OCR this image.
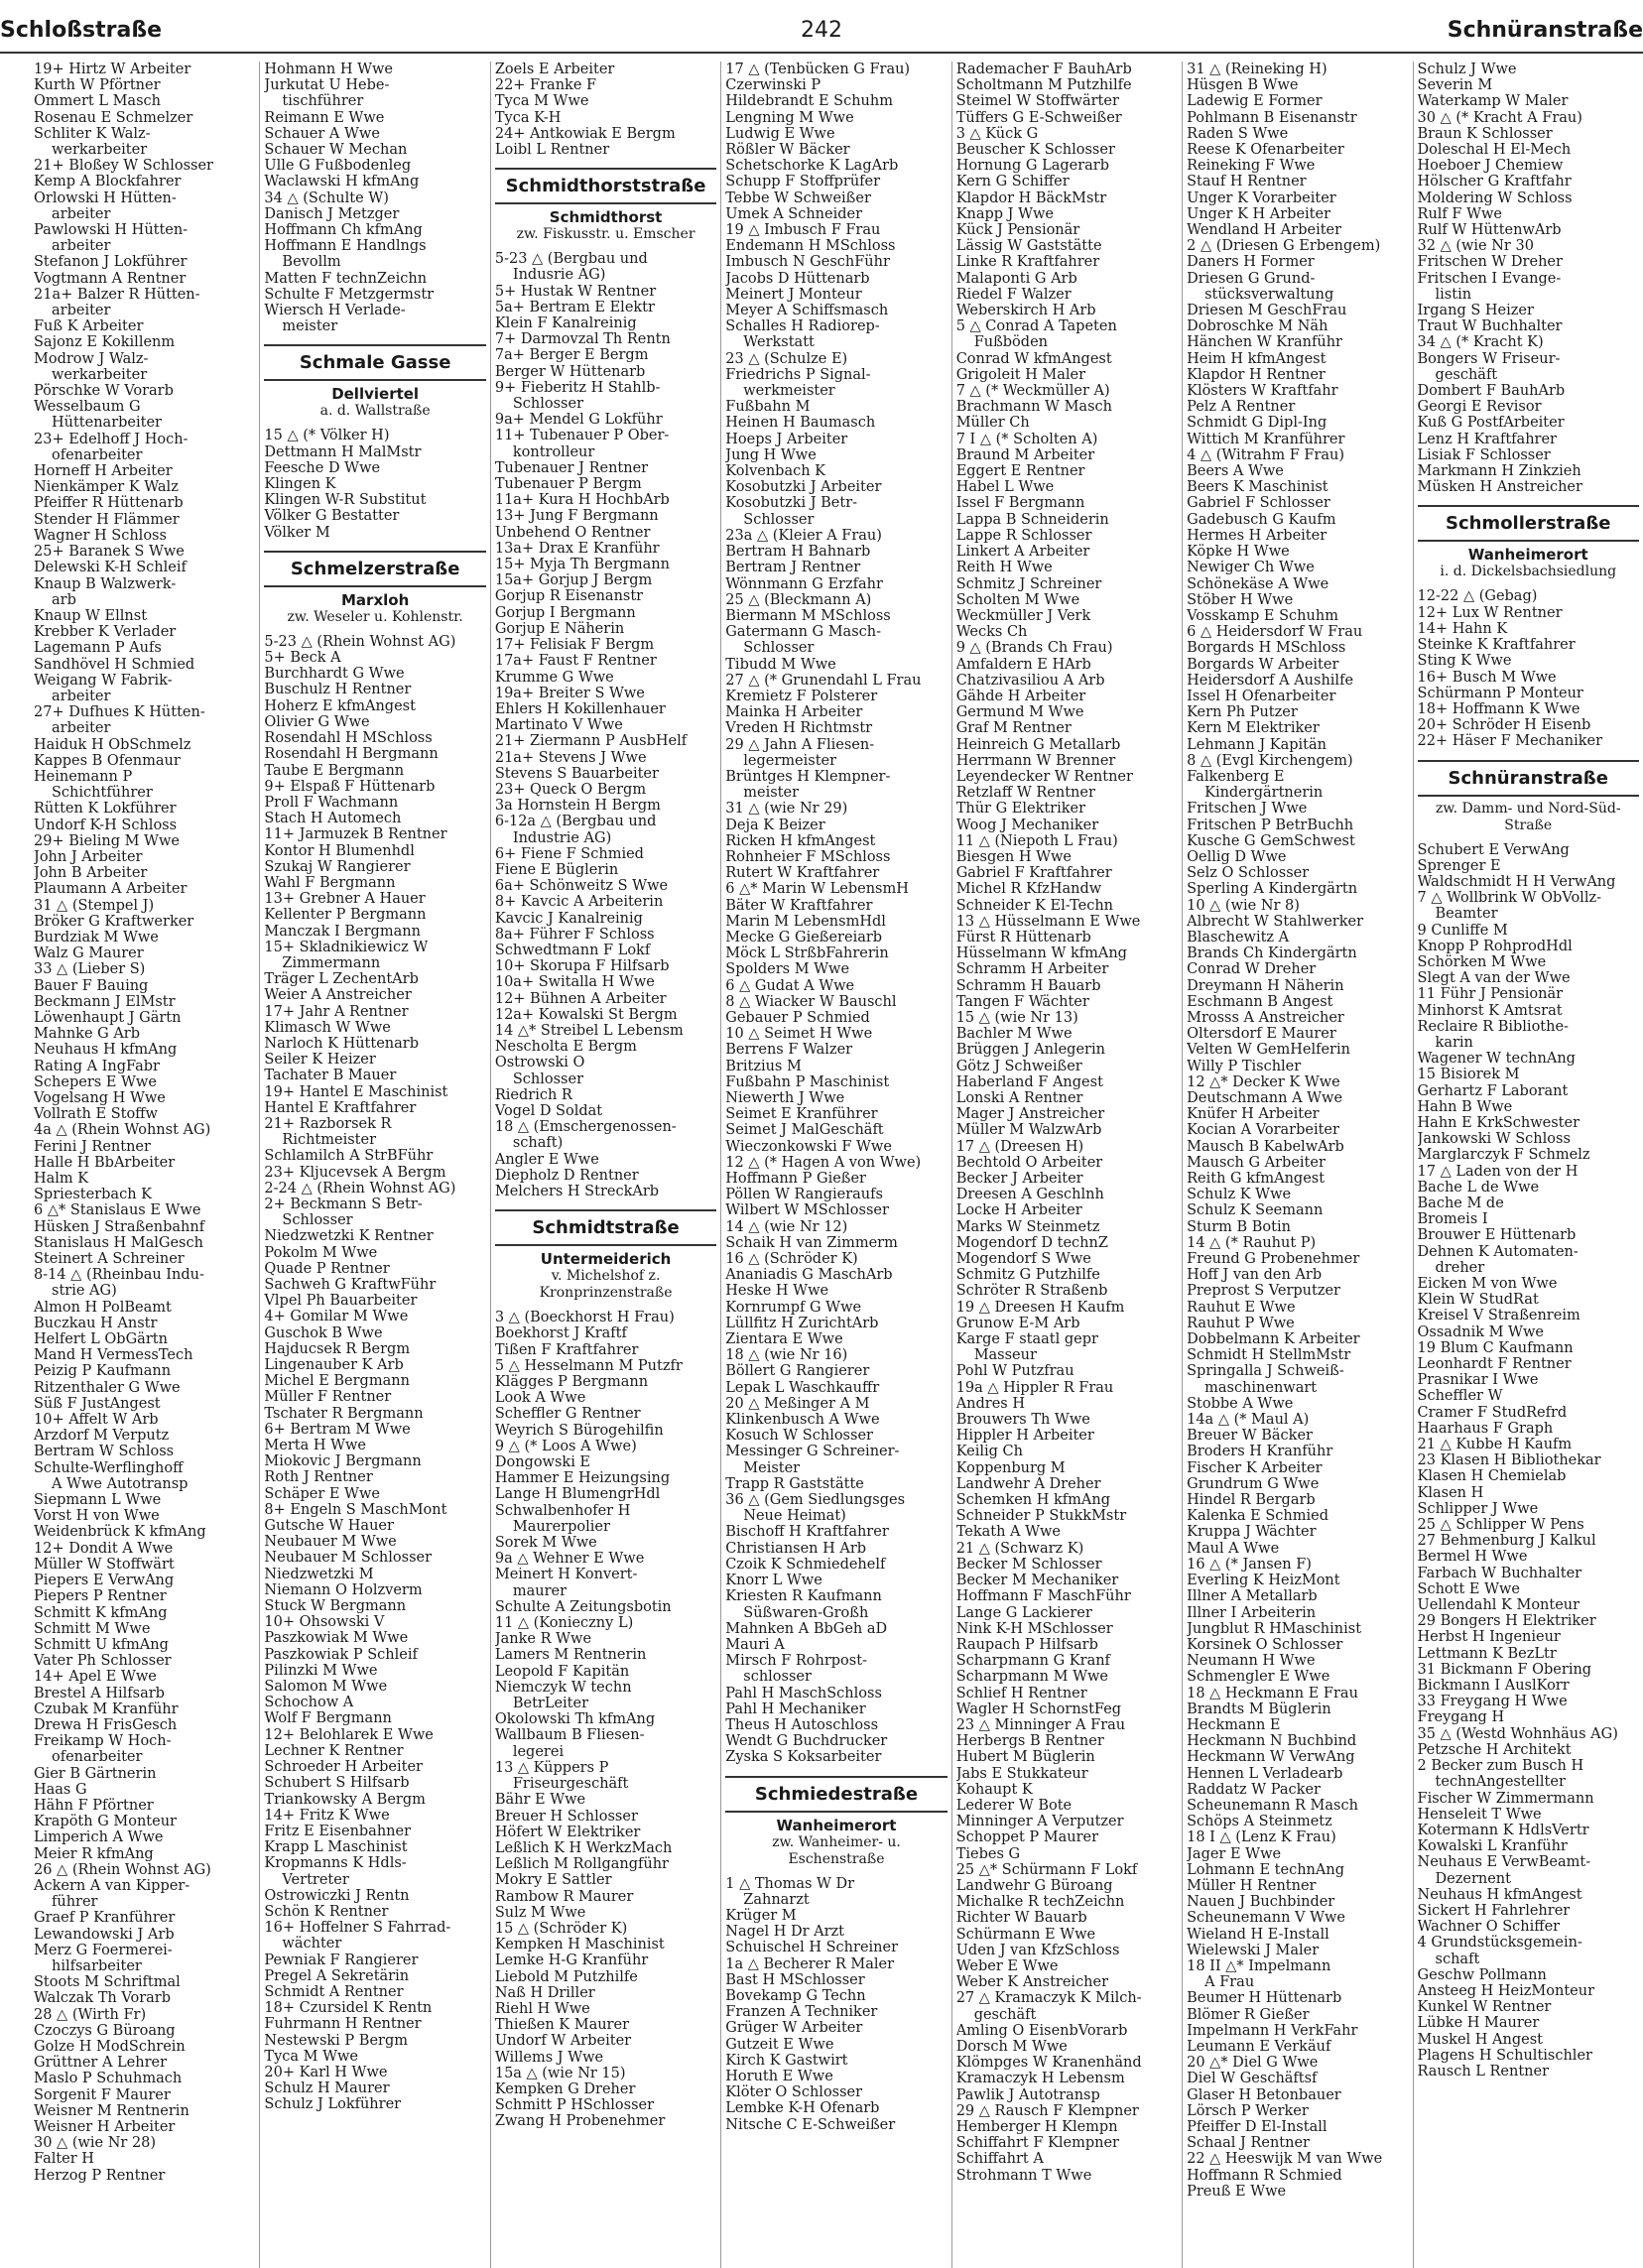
Schloßstraße	242	Schnüranstraße
19+ Hirtz W Arbeiter
Kurth W Pförtner
Ommert L Masch
Rosenau E Schmelzer
Schliter K Walz-
werkarbeiter
21+ Bloßey W Schlosser
Kemp A Blockfahrer
Orlowski H Hütten-
arbeiter
Pawlowski H Hütten-
arbeiter
Stefanon J Lokführer
Vogtmann A Rentner
21a+ Balzer R Hütten-
arbeiter
Fuß K Arbeiter
Sajonz E Kokillenm
Modrow J Walz-
werkarbeiter
Pörschke W Vorarb
Wesselbaum G
Hüttenarbeiter
23+ Edelhoff J Hoch-
ofenarbeiter
Horneff H Arbeiter
Nienkämper K Walz
Pfeiffer R Hüttenarb
Stender H Flämmer
Wagner H Schloss
25+ Baranek S Wwe
Delewski K-H Schleif
Knaup B Walzwerk-
arb
Knaup W Ellnst
Krebber K Verlader
Lagemann P Aufs
Sandhövel H Schmied
Weigang W Fabrik-
arbeiter
27+ Dufhues K Hütten-
arbeiter
Haiduk H ObSchmelz
Kappes B Ofenmaur
Heinemann P
Schichtführer
Rütten K Lokführer
Undorf K-H Schloss
29+ Bieling M Wwe
John J Arbeiter
John B Arbeiter
Plaumann A Arbeiter
31 △ (Stempel J)
Bröker G Kraftwerker
Burdziak M Wwe
Walz G Maurer
33 △ (Lieber S)
Bauer F Bauing
Beckmann J ElMstr
Löwenhaupt J Gärtn
Mahnke G Arb
Neuhaus H kfmAng
Rating A IngFabr
Schepers E Wwe
Vogelsang H Wwe
Vollrath E Stoffw
4a △ (Rhein Wohnst AG)
Ferini J Rentner
Halle H BbArbeiter
Halm K
Spriesterbach K
6 △* Stanislaus E Wwe
Hüsken J Straßenbahnf
Stanislaus H MalGesch
Steinert A Schreiner
8-14 △ (Rheinbau Indu-
strie AG)
Almon H PolBeamt
Buczkau H Anstr
Helfert L ObGärtn
Mand H VermessTech
Peizig P Kaufmann
Ritzenthaler G Wwe
Süß F JustAngest
10+ Affelt W Arb
Arzdorf M Verputz
Bertram W Schloss
Schulte-Werflinghoff
A Wwe Autotransp
Siepmann L Wwe
Vorst H von Wwe
Weidenbrück K kfmAng
12+ Dondit A Wwe
Müller W Stoffwärt
Piepers E VerwAng
Piepers P Rentner
Schmitt K kfmAng
Schmitt M Wwe
Schmitt U kfmAng
Vater Ph Schlosser
14+ Apel E Wwe
Brestel A Hilfsarb
Czubak M Kranführ
Drewa H FrisGesch
Freikamp W Hoch-
ofenarbeiter
Gier B Gärtnerin
Haas G
Hähn F Pförtner
Krapöth G Monteur
Limperich A Wwe
Meier R kfmAng
26 △ (Rhein Wohnst AG)
Ackern A van Kipper-
führer
Graef P Kranführer
Lewandowski J Arb
Merz G Foermerei-
hilfsarbeiter
Stoots M Schriftmal
Walczak Th Vorarb
28 △ (Wirth Fr)
Czoczys G Büroang
Golze H ModSchrein
Grüttner A Lehrer
Maslo P Schuhmach
Sorgenit F Maurer
Weisner M Rentnerin
Weisner H Arbeiter
30 △ (wie Nr 28)
Falter H
Herzog P Rentner
Hohmann H Wwe
Jurkutat U Hebe-
tischführer
Reimann E Wwe
Schauer A Wwe
Schauer W Mechan
Ulle G Fußbodenleg
Waclawski H kfmAng
34 △ (Schulte W)
Danisch J Metzger
Hoffmann Ch kfmAng
Hoffmann E Handlngs
Bevollm
Matten F technZeichn
Schulte F Metzgermstr
Wiersch H Verlade-
meister
Schmale Gasse
Dellviertel
a. d. Wallstraße
15 △ (* Völker H)
Dettmann H MalMstr
Feesche D Wwe
Klingen K
Klingen W-R Substitut
Völker G Bestatter
Völker M
Schmelzerstraße
Marxloh
zw. Weseler u. Kohlenstr.
5-23 △ (Rhein Wohnst AG)
5+ Beck A
Burchhardt G Wwe
Buschulz H Rentner
Hoherz E kfmAngest
Olivier G Wwe
Rosendahl H MSchloss
Rosendahl H Bergmann
Taube E Bergmann
9+ Elspaß F Hüttenarb
Proll F Wachmann
Stach H Automech
11+ Jarmuzek B Rentner
Kontor H Blumenhdl
Szukaj W Rangierer
Wahl F Bergmann
13+ Grebner A Hauer
Kellenter P Bergmann
Manczak I Bergmann
15+ Skladnikiewicz W
Zimmermann
Träger L ZechentArb
Weier A Anstreicher
17+ Jahr A Rentner
Klimasch W Wwe
Narloch K Hüttenarb
Seiler K Heizer
Tachater B Mauer
19+ Hantel E Maschinist
Hantel E Kraftfahrer
21+ Razborsek R
Richtmeister
Schlamilch A StrBFühr
23+ Kljucevsek A Bergm
2-24 △ (Rhein Wohnst AG)
2+ Beckmann S Betr-
Schlosser
Niedzwetzki K Rentner
Pokolm M Wwe
Quade P Rentner
Sachweh G KraftwFühr
Vlpel Ph Bauarbeiter
4+ Gomilar M Wwe
Guschok B Wwe
Hajducsek R Bergm
Lingenauber K Arb
Michel E Bergmann
Müller F Rentner
Tschater R Bergmann
6+ Bertram M Wwe
Merta H Wwe
Miokovic J Bergmann
Roth J Rentner
Schäper E Wwe
8+ Engeln S MaschMont
Gutsche W Hauer
Neubauer M Wwe
Neubauer M Schlosser
Niedzwetzki M
Niemann O Holzverm
Stuck W Bergmann
10+ Ohsowski V
Paszkowiak M Wwe
Paszkowiak P Schleif
Pilinzki M Wwe
Salomon M Wwe
Schochow A
Wolf F Bergmann
12+ Belohlarek E Wwe
Lechner K Rentner
Schroeder H Arbeiter
Schubert S Hilfsarb
Triankowsky A Bergm
14+ Fritz K Wwe
Fritz E Eisenbahner
Krapp L Maschinist
Kropmanns K Hdls-
Vertreter
Ostrowiczki J Rentn
Schön K Rentner
16+ Hoffelner S Fahrrad-
wächter
Pewniak F Rangierer
Pregel A Sekretärin
Schmidt A Rentner
18+ Czursidel K Rentn
Fuhrmann H Rentner
Nestewski P Bergm
Tyca M Wwe
20+ Karl H Wwe
Schulz H Maurer
Schulz J Lokführer
Zoels E Arbeiter
22+ Franke F
Tyca M Wwe
Tyca K-H
24+ Antkowiak E Bergm
Loibl L Rentner
Schmidthorststraße
Schmidthorst
zw. Fiskusstr. u. Emscher
5-23 △ (Bergbau und
Indusrie AG)
5+ Hustak W Rentner
5a+ Bertram E Elektr
Klein F Kanalreinig
7+ Darmovzal Th Rentn
7a+ Berger E Bergm
Berger W Hüttenarb
9+ Fieberitz H Stahlb-
Schlosser
9a+ Mendel G Lokführ
11+ Tubenauer P Ober-
kontrolleur
Tubenauer J Rentner
Tubenauer P Bergm
11a+ Kura H HochbArb
13+ Jung F Bergmann
Unbehend O Rentner
13a+ Drax E Kranführ
15+ Myja Th Bergmann
15a+ Gorjup J Bergm
Gorjup R Eisenanstr
Gorjup I Bergmann
Gorjup E Näherin
17+ Felisiak F Bergm
17a+ Faust F Rentner
Krumme G Wwe
19a+ Breiter S Wwe
Ehlers H Kokillenhauer
Martinato V Wwe
21+ Ziermann P AusbHelf
21a+ Stevens J Wwe
Stevens S Bauarbeiter
23+ Queck O Bergm
3a Hornstein H Bergm
6-12a △ (Bergbau und
Industrie AG)
6+ Fiene F Schmied
Fiene E Büglerin
6a+ Schönweitz S Wwe
8+ Kavcic A Arbeiterin
Kavcic J Kanalreinig
8a+ Führer F Schloss
Schwedtmann F Lokf
10+ Skorupa F Hilfsarb
10a+ Switalla H Wwe
12+ Bühnen A Arbeiter
12a+ Kowalski St Bergm
14 △* Streibel L Lebensm
Nescholta E Bergm
Ostrowski O
Schlosser
Riedrich R
Vogel D Soldat
18 △ (Emschergenossen-
schaft)
Angler E Wwe
Diepholz D Rentner
Melchers H StreckArb
Schmidtstraße
Untermeiderich
v. Michelshof z. Kronprinzenstraße
3 △ (Boeckhorst H Frau)
Boekhorst J Kraftf
Tißen F Kraftfahrer
5 △ Hesselmann M Putzfr
Klägges P Bergmann
Look A Wwe
Scheffler G Rentner
Weyrich S Bürogehilfin
9 △ (* Loos A Wwe)
Dongowski E
Hammer E Heizungsing
Lange H BlumengrHdl
Schwalbenhofer H
Maurerpolier
Sorek M Wwe
9a △ Wehner E Wwe
Meinert H Konvert-
maurer
Schulte A Zeitungsbotin
11 △ (Konieczny L)
Janke R Wwe
Lamers M Rentnerin
Leopold F Kapitän
Niemczyk W techn
BetrLeiter
Okolowski Th kfmAng
Wallbaum B Fliesen-
legerei
13 △ Küppers P
Friseurgeschäft
Bähr E Wwe
Breuer H Schlosser
Höfert W Elektriker
Leßlich K H WerkzMach
Leßlich M Rollgangführ
Mokry E Sattler
Rambow R Maurer
Sulz M Wwe
15 △ (Schröder K)
Kempken H Maschinist
Lemke H-G Kranführ
Liebold M Putzhilfe
Naß H Driller
Riehl H Wwe
Thießen K Maurer
Undorf W Arbeiter
Willems J Wwe
15a △ (wie Nr 15)
Kempken G Dreher
Schmitt P HSchlosser
Zwang H Probenehmer
17 △ (Tenbücken G Frau)
Czerwinski P
Hildebrandt E Schuhm
Lengning M Wwe
Ludwig E Wwe
Rößler W Bäcker
Schetschorke K LagArb
Schupp F Stoffprüfer
Tebbe W Schweißer
Umek A Schneider
19 △ Imbusch F Frau
Endemann H MSchloss
Imbusch N GeschFühr
Jacobs D Hüttenarb
Meinert J Monteur
Meyer A Schiffsmasch
Schalles H Radiorep-
Werkstatt
23 △ (Schulze E)
Friedrichs P Signal-
werkmeister
Fußbahn M
Heinen H Baumasch
Hoeps J Arbeiter
Jung H Wwe
Kolvenbach K
Kosobutzki J Arbeiter
Kosobutzki J Betr-
Schlosser
23a △ (Kleier A Frau)
Bertram H Bahnarb
Bertram J Rentner
Wönnmann G Erzfahr
25 △ (Bleckmann A)
Biermann M MSchloss
Gatermann G Masch-
Schlosser
Tibudd M Wwe
27 △ (* Grunendahl L Frau
Kremietz F Polsterer
Mainka H Arbeiter
Vreden H Richtmstr
29 △ Jahn A Fliesen-
legermeister
Brüntges H Klempner-
meister
31 △ (wie Nr 29)
Deja K Beizer
Ricken H kfmAngest
Rohnheier F MSchloss
Rutert W Kraftfahrer
6 △* Marin W LebensmH
Bäter W Kraftfahrer
Marin M LebensmHdl
Mecke G Gießereiarb
Möck L StrßbFahrerin
Spolders M Wwe
6 △ Gudat A Wwe
8 △ Wiacker W Bauschl
Gebauer P Schmied
10 △ Seimet H Wwe
Berrens F Walzer
Britzius M
Fußbahn P Maschinist
Niewerth J Wwe
Seimet E Kranführer
Seimet J MalGeschäft
Wieczonkowski F Wwe
12 △ (* Hagen A von Wwe)
Hoffmann P Gießer
Pöllen W Rangieraufs
Wilbert W MSchlosser
14 △ (wie Nr 12)
Schaik H van Zimmerm
16 △ (Schröder K)
Ananiadis G MaschArb
Heske H Wwe
Kornrumpf G Wwe
Lüllfitz H ZurichtArb
Zientara E Wwe
18 △ (wie Nr 16)
Böllert G Rangierer
Lepak L Waschkauffr
20 △ Meßinger A M
Klinkenbusch A Wwe
Kosuch W Schlosser
Messinger G Schreiner-
Meister
Trapp R Gaststätte
36 △ (Gem Siedlungsges
Neue Heimat)
Bischoff H Kraftfahrer
Christiansen H Arb
Czoik K Schmiedehelf
Knorr L Wwe
Kriesten R Kaufmann
Süßwaren-Großh
Mahnken A BbGeh aD
Mauri A
Mirsch F Rohrpost-
schlosser
Pahl H MaschSchloss
Pahl H Mechaniker
Theus H Autoschloss
Wendt G Buchdrucker
Zyska S Koksarbeiter
Schmiedestraße
Wanheimerort
zw. Wanheimer- u. Eschenstraße
1 △ Thomas W Dr
Zahnarzt
Krüger M
Nagel H Dr Arzt
Schuischel H Schreiner
1a △ Becherer R Maler
Bast H MSchlosser
Bovekamp G Techn
Franzen A Techniker
Grüger W Arbeiter
Gutzeit E Wwe
Kirch K Gastwirt
Horuth E Wwe
Klöter O Schlosser
Lembke K-H Ofenarb
Nitsche C E-Schweißer
Rademacher F BauhArb
Scholtmann M Putzhilfe
Steimel W Stoffwärter
Tüffers G E-Schweißer
3 △ Kück G
Beuscher K Schlosser
Hornung G Lagerarb
Kern G Schiffer
Klapdor H BäckMstr
Knapp J Wwe
Kück J Pensionär
Lässig W Gaststätte
Linke R Kraftfahrer
Malaponti G Arb
Riedel F Walzer
Weberskirch H Arb
5 △ Conrad A Tapeten
Fußböden
Conrad W kfmAngest
Grigoleit H Maler
7 △ (* Weckmüller A)
Brachmann W Masch
Müller Ch
7 I △ (* Scholten A)
Braund M Arbeiter
Eggert E Rentner
Habel L Wwe
Issel F Bergmann
Lappa B Schneiderin
Lappe R Schlosser
Linkert A Arbeiter
Reith H Wwe
Schmitz J Schreiner
Scholten M Wwe
Weckmüller J Verk
Wecks Ch
9 △ (Brands Ch Frau)
Amfaldern E HArb
Chatzivasiliou A Arb
Gähde H Arbeiter
Germund M Wwe
Graf M Rentner
Heinreich G Metallarb
Herrmann W Brenner
Leyendecker W Rentner
Retzlaff W Rentner
Thür G Elektriker
Woog J Mechaniker
11 △ (Niepoth L Frau)
Biesgen H Wwe
Gabriel F Kraftfahrer
Michel R KfzHandw
Schneider K El-Techn
13 △ Hüsselmann E Wwe
Fürst R Hüttenarb
Hüsselmann W kfmAng
Schramm H Arbeiter
Schramm H Bauarb
Tangen F Wächter
15 △ (wie Nr 13)
Bachler M Wwe
Brüggen J Anlegerin
Götz J Schweißer
Haberland F Angest
Lonski A Rentner
Mager J Anstreicher
Müller M WalzwArb
17 △ (Dreesen H)
Bechtold O Arbeiter
Becker J Arbeiter
Dreesen A Geschlnh
Locke H Arbeiter
Marks W Steinmetz
Mogendorf D technZ
Mogendorf S Wwe
Schmitz G Putzhilfe
Schröter R Straßenb
19 △ Dreesen H Kaufm
Grunow E-M Arb
Karge F staatl gepr
Masseur
Pohl W Putzfrau
19a △ Hippler R Frau
Andres H
Brouwers Th Wwe
Hippler H Arbeiter
Keilig Ch
Koppenburg M
Landwehr A Dreher
Schemken H kfmAng
Schneider P StukkMstr
Tekath A Wwe
21 △ (Schwarz K)
Becker M Schlosser
Becker M Mechaniker
Hoffmann F MaschFühr
Lange G Lackierer
Nink K-H MSchlosser
Raupach P Hilfsarb
Scharpmann G Kranf
Scharpmann M Wwe
Schlief H Rentner
Wagler H SchornstFeg
23 △ Minninger A Frau
Herbergs B Rentner
Hubert M Büglerin
Jabs E Stukkateur
Kohaupt K
Lederer W Bote
Minninger A Verputzer
Schoppet P Maurer
Tiebes G
25 △* Schürmann F Lokf
Landwehr G Büroang
Michalke R techZeichn
Richter W Bauarb
Schürmann E Wwe
Uden J van KfzSchloss
Weber E Wwe
Weber K Anstreicher
27 △ Kramaczyk K Milch-
geschäft
Amling O EisenbVorarb
Dorsch M Wwe
Klömpges W Kranenhänd
Kramaczyk H Lebensm
Pawlik J Autotransp
29 △ Rausch F Klempner
Hemberger H Klempn
Schiffahrt F Klempner
Schiffahrt A
Strohmann T Wwe
31 △ (Reineking H)
Hüsgen B Wwe
Ladewig E Former
Pohlmann B Eisenanstr
Raden S Wwe
Reese K Ofenarbeiter
Reineking F Wwe
Stauf H Rentner
Unger K Vorarbeiter
Unger K H Arbeiter
Wendland H Arbeiter
2 △ (Driesen G Erbengem)
Daners H Former
Driesen G Grund-
stücksverwaltung
Driesen M GeschFrau
Dobroschke M Näh
Hänchen W Kranführ
Heim H kfmAngest
Klapdor H Rentner
Klösters W Kraftfahr
Pelz A Rentner
Schmidt G Dipl-Ing
Wittich M Kranführer
4 △ (Witrahm F Frau)
Beers A Wwe
Beers K Maschinist
Gabriel F Schlosser
Gadebusch G Kaufm
Hermes H Arbeiter
Köpke H Wwe
Newiger Ch Wwe
Schönekäse A Wwe
Stöber H Wwe
Vosskamp E Schuhm
6 △ Heidersdorf W Frau
Borgards H MSchloss
Borgards W Arbeiter
Heidersdorf A Aushilfe
Issel H Ofenarbeiter
Kern Ph Putzer
Kern M Elektriker
Lehmann J Kapitän
8 △ (Evgl Kirchengem)
Falkenberg E
Kindergärtnerin
Fritschen J Wwe
Fritschen P BetrBuchh
Kusche G GemSchwest
Oellig D Wwe
Selz O Schlosser
Sperling A Kindergärtn
10 △ (wie Nr 8)
Albrecht W Stahlwerker
Blaschewitz A
Brands Ch Kindergärtn
Conrad W Dreher
Dreymann H Näherin
Eschmann B Angest
Mrosss A Anstreicher
Oltersdorf E Maurer
Velten W GemHelferin
Willy P Tischler
12 △* Decker K Wwe
Deutschmann A Wwe
Knüfer H Arbeiter
Kocian A Vorarbeiter
Mausch B KabelwArb
Mausch G Arbeiter
Reith G kfmAngest
Schulz K Wwe
Schulz K Seemann
Sturm B Botin
14 △ (* Rauhut P)
Freund G Probenehmer
Hoff J van den Arb
Preprost S Verputzer
Rauhut E Wwe
Rauhut P Wwe
Dobbelmann K Arbeiter
Schmidt H StellmMstr
Springalla J Schweiß-
maschinenwart
Stobbe A Wwe
14a △ (* Maul A)
Breuer W Bäcker
Broders H Kranführ
Fischer K Arbeiter
Grundrum G Wwe
Hindel R Bergarb
Kalenka E Schmied
Kruppa J Wächter
Maul A Wwe
16 △ (* Jansen F)
Everling K HeizMont
Illner A Metallarb
Illner I Arbeiterin
Jungblut R HMaschinist
Korsinek O Schlosser
Neumann H Wwe
Schmengler E Wwe
18 △ Heckmann E Frau
Brandts M Büglerin
Heckmann E
Heckmann N Buchbind
Heckmann W VerwAng
Hennen L Verladearb
Raddatz W Packer
Scheunemann R Masch
Schöps A Steinmetz
18 I △ (Lenz K Frau)
Jager E Wwe
Lohmann E technAng
Müller H Rentner
Nauen J Buchbinder
Scheunemann V Wwe
Wieland H E-Install
Wielewski J Maler
18 II △* Impelmann
A Frau
Beumer H Hüttenarb
Blömer R Gießer
Impelmann H VerkFahr
Leumann E Verkäuf
20 △* Diel G Wwe
Diel W Geschäftsf
Glaser H Betonbauer
Lörsch P Werker
Pfeiffer D El-Install
Schaal J Rentner
22 △ Heeswijk M van Wwe
Hoffmann R Schmied
Preuß E Wwe
Schulz J Wwe
Severin M
Waterkamp W Maler
30 △ (* Kracht A Frau)
Braun K Schlosser
Doleschal H El-Mech
Hoeboer J Chemiew
Hölscher G Kraftfahr
Moldering W Schloss
Rulf F Wwe
Rulf W HüttenwArb
32 △ (wie Nr 30
Fritschen W Dreher
Fritschen I Evange-
listin
Irgang S Heizer
Traut W Buchhalter
34 △ (* Kracht K)
Bongers W Friseur-
geschäft
Dombert F BauhArb
Georgi E Revisor
Kuß G PostfArbeiter
Lenz H Kraftfahrer
Lisiak F Schlosser
Markmann H Zinkzieh
Müsken H Anstreicher
Schmollerstraße
Wanheimerort
i. d. Dickelsbachsiedlung
12-22 △ (Gebag)
12+ Lux W Rentner
14+ Hahn K
Steinke K Kraftfahrer
Sting K Wwe
16+ Busch M Wwe
Schürmann P Monteur
18+ Hoffmann K Wwe
20+ Schröder H Eisenb
22+ Häser F Mechaniker
Schnüranstraße
zw. Damm- und Nord-Süd-Straße
Schubert E VerwAng
Sprenger E
Waldschmidt H H VerwAng
7 △ Wollbrink W ObVollz-
Beamter
9 Cunliffe M
Knopp P RohprodHdl
Schörken M Wwe
Slegt A van der Wwe
11 Führ J Pensionär
Minhorst K Amtsrat
Reclaire R Bibliothe-
karin
Wagener W technAng
15 Bisiorek M
Gerhartz F Laborant
Hahn B Wwe
Hahn E KrkSchwester
Jankowski W Schloss
Marglarczyk F Schmelz
17 △ Laden von der H
Bache L de Wwe
Bache M de
Bromeis I
Brouwer E Hüttenarb
Dehnen K Automaten-
dreher
Eicken M von Wwe
Klein W StudRat
Kreisel V Straßenreim
Ossadnik M Wwe
19 Blum C Kaufmann
Leonhardt F Rentner
Prasnikar I Wwe
Scheffler W
Cramer F StudRefrd
Haarhaus F Graph
21 △ Kubbe H Kaufm
23 Klasen H Bibliothekar
Klasen H Chemielab
Klasen H
Schlipper J Wwe
25 △ Schlipper W Pens
27 Behmenburg J Kalkul
Bermel H Wwe
Farbach W Buchhalter
Schott E Wwe
Uellendahl K Monteur
29 Bongers H Elektriker
Herbst H Ingenieur
Lettmann K BezLtr
31 Bickmann F Obering
Bickmann I AuslKorr
33 Freygang H Wwe
Freygang H
35 △ (Westd Wohnhäus AG)
Petzsche H Architekt
2 Becker zum Busch H
technAngestellter
Fischer W Zimmermann
Henseleit T Wwe
Kotermann K HdlsVertr
Kowalski L Kranführ
Neuhaus E VerwBeamt-
Dezernent
Neuhaus H kfmAngest
Sickert H Fahrlehrer
Wachner O Schiffer
4 Grundstücksgemein-
schaft
Geschw Pollmann
Ansteeg H HeizMonteur
Kunkel W Rentner
Lübke H Maurer
Muskel H Angest
Plagens H Schultischler
Rausch L Rentner
